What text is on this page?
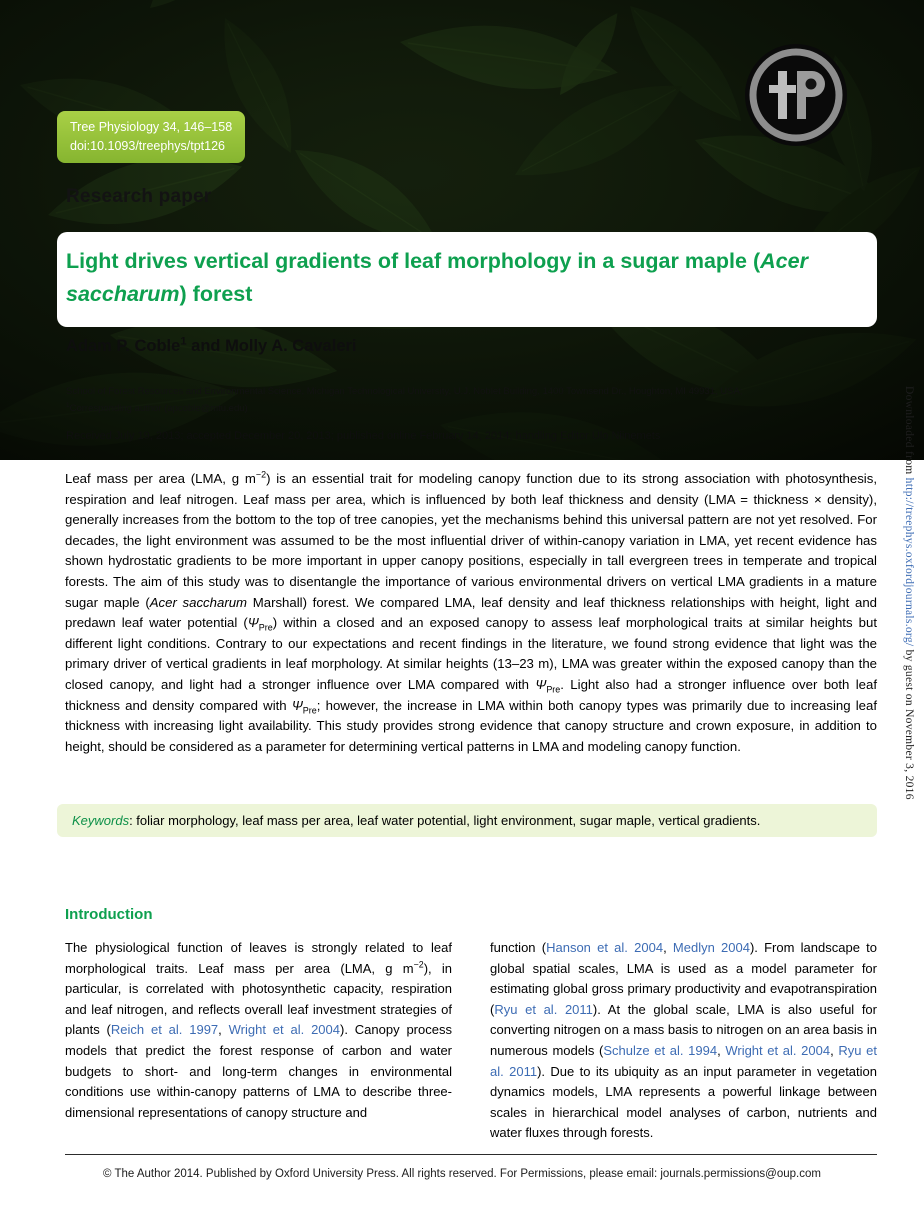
Tree Physiology 34, 146–158
doi:10.1093/treephys/tpt126
Research paper
Light drives vertical gradients of leaf morphology in a sugar maple (Acer saccharum) forest
Adam P. Coble$^1$ and Molly A. Cavaleri
School of Forest Resources and Environmental Science, Michigan Technological University, U.J. Noblet Building, 1400 Townsend Dr., Houghton, MI 49931, USA;
$^1$Corresponding author (apcoble@mtu.edu)
Received July 19, 2013; accepted December 20, 2013; published online February 14, 2014; handling Editor Ülo Niinemets

Leaf mass per area (LMA, g $m^{-2}$) is an essential trait for modeling canopy function due to its strong association with photosynthesis, respiration and leaf nitrogen. Leaf mass per area, which is influenced by both leaf thickness and density (LMA = thickness × density), generally increases from the bottom to the top of tree canopies, yet the mechanisms behind this universal pattern are not yet resolved. For decades, the light environment was assumed to be the most influential driver of within-canopy variation in LMA, yet recent evidence has shown hydrostatic gradients to be more important in upper canopy positions, especially in tall evergreen trees in temperate and tropical forests. The aim of this study was to disentangle the importance of various environmental drivers on vertical LMA gradients in a mature sugar maple (Acer saccharum Marshall) forest. We compared LMA, leaf density and leaf thickness relationships with height, light and predawn leaf water potential $(\Psi_{Pre})$ within a closed and an exposed canopy to assess leaf morphological traits at similar heights but different light conditions. Contrary to our expectations and recent findings in the literature, we found strong evidence that light was the primary driver of vertical gradients in leaf morphology. At similar heights (13–23 m), LMA was greater within the exposed canopy than the closed canopy, and light had a stronger influence over LMA compared with $\Psi_{Pre}$. Light also had a stronger influence over both leaf thickness and density compared with $\Psi_{Pre}$; however, the increase in LMA within both canopy types was primarily due to increasing leaf thickness with increasing light availability. This study provides strong evidence that canopy structure and crown exposure, in addition to height, should be considered as a parameter for determining vertical patterns in LMA and modeling canopy function.

Keywords: foliar morphology, leaf mass per area, leaf water potential, light environment, sugar maple, vertical gradients.
Introduction

The physiological function of leaves is strongly related to leaf morphological traits. Leaf mass per area (LMA, g $m^{-2}$), in particular, is correlated with photosynthetic capacity, respiration and leaf nitrogen, and reflects overall leaf investment strategies of plants (Reich et al. 1997, Wright et al. 2004). Canopy process models that predict the forest response of carbon and water budgets to short- and long-term changes in environmental conditions use within-canopy patterns of LMA to describe three-dimensional representations of canopy structure and

function (Hanson et al. 2004, Medlyn 2004). From landscape to global spatial scales, LMA is used as a model parameter for estimating global gross primary productivity and evapotranspiration (Ryu et al. 2011). At the global scale, LMA is also useful for converting nitrogen on a mass basis to nitrogen on an area basis in numerous models (Schulze et al. 1994, Wright et al. 2004, Ryu et al. 2011). Due to its ubiquity as an input parameter in vegetation dynamics models, LMA represents a powerful linkage between scales in hierarchical model analyses of carbon, nutrients and water fluxes through forests.

Downloaded from http://treephys.oxfordjournals.org/ by guest on November 3, 2016
© The Author 2014. Published by Oxford University Press. All rights reserved. For Permissions, please email: journals.permissions@oup.com
